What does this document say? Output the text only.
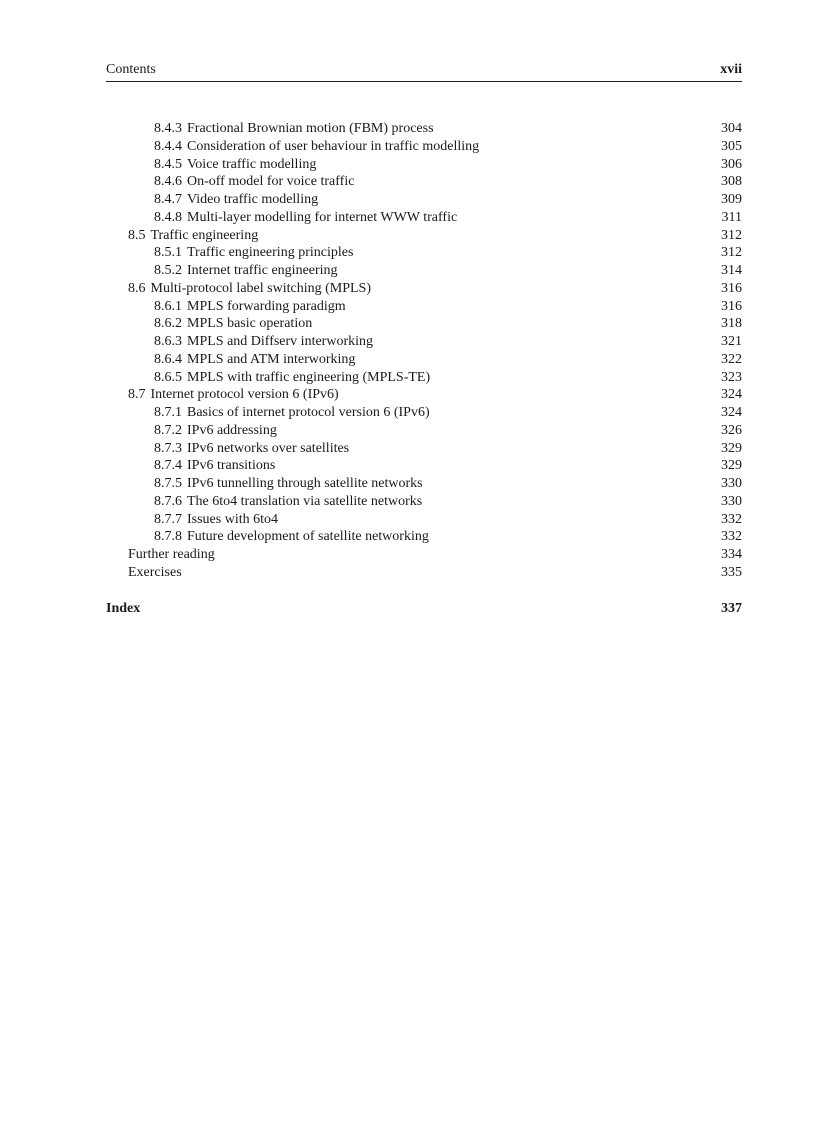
Contents	xvii
8.4.3 Fractional Brownian motion (FBM) process	304
8.4.4 Consideration of user behaviour in traffic modelling	305
8.4.5 Voice traffic modelling	306
8.4.6 On-off model for voice traffic	308
8.4.7 Video traffic modelling	309
8.4.8 Multi-layer modelling for internet WWW traffic	311
8.5 Traffic engineering	312
8.5.1 Traffic engineering principles	312
8.5.2 Internet traffic engineering	314
8.6 Multi-protocol label switching (MPLS)	316
8.6.1 MPLS forwarding paradigm	316
8.6.2 MPLS basic operation	318
8.6.3 MPLS and Diffserv interworking	321
8.6.4 MPLS and ATM interworking	322
8.6.5 MPLS with traffic engineering (MPLS-TE)	323
8.7 Internet protocol version 6 (IPv6)	324
8.7.1 Basics of internet protocol version 6 (IPv6)	324
8.7.2 IPv6 addressing	326
8.7.3 IPv6 networks over satellites	329
8.7.4 IPv6 transitions	329
8.7.5 IPv6 tunnelling through satellite networks	330
8.7.6 The 6to4 translation via satellite networks	330
8.7.7 Issues with 6to4	332
8.7.8 Future development of satellite networking	332
Further reading	334
Exercises	335
Index	337
